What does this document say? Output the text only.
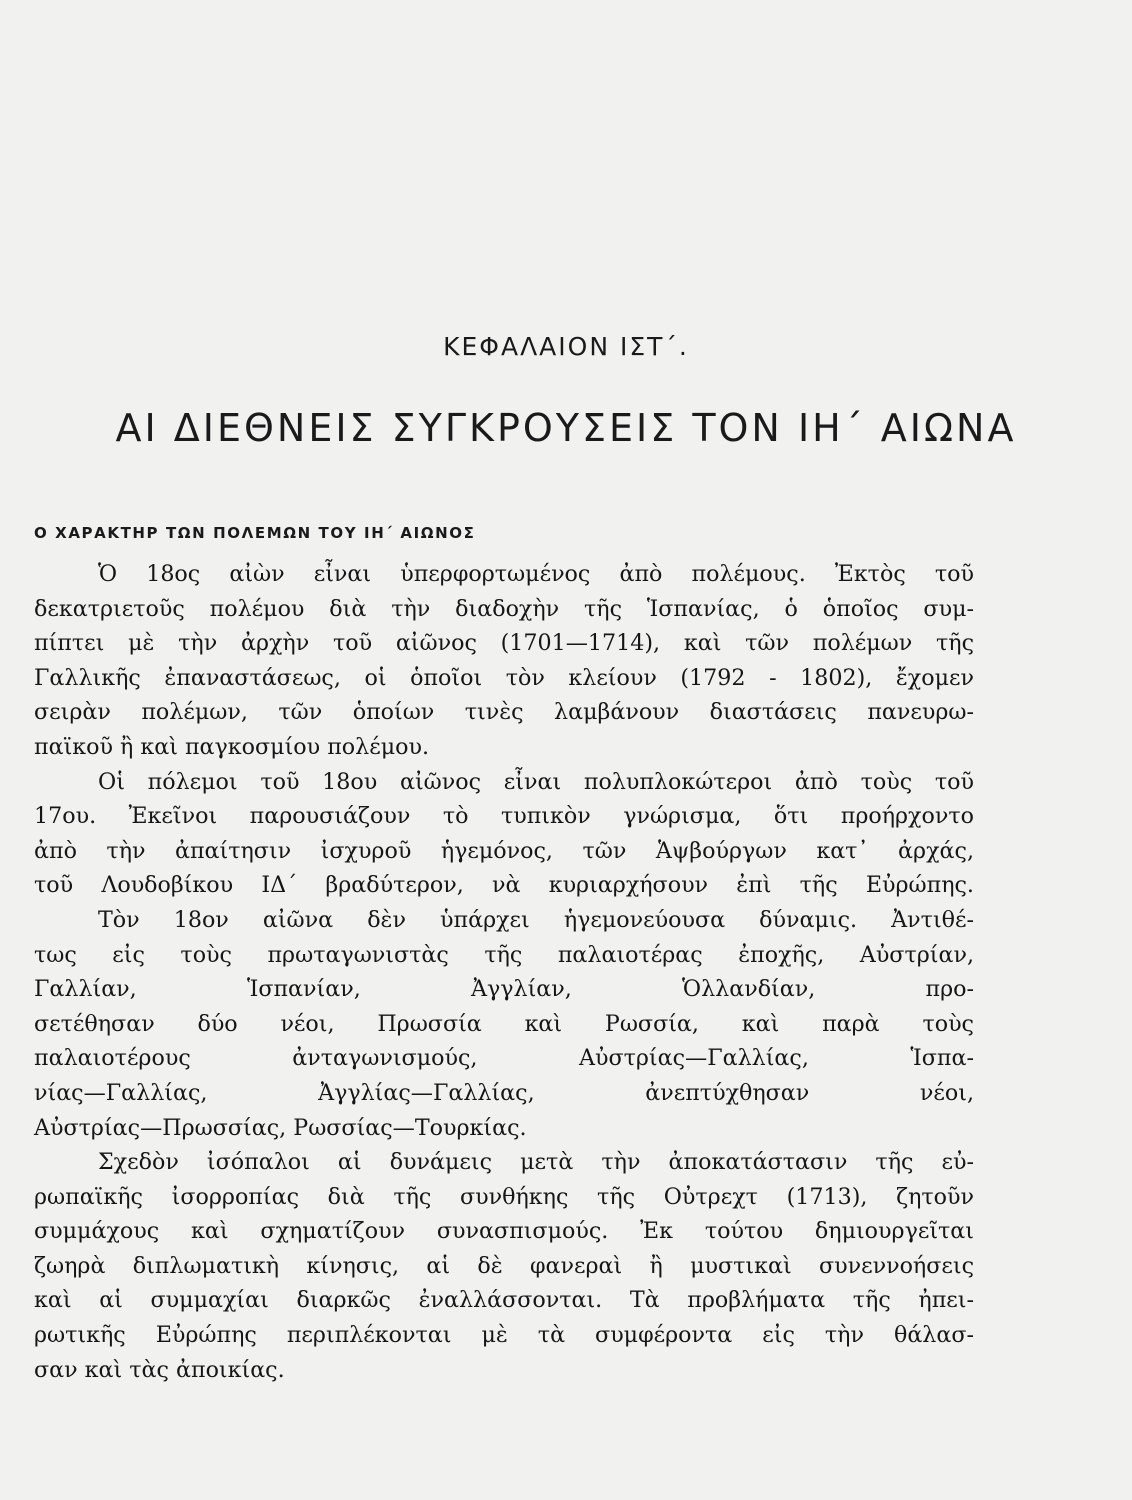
ΚΕΦΑΛΑΙΟΝ ΙΣΤ΄.
ΑΙ ΔΙΕΘΝΕΙΣ ΣΥΓΚΡΟΥΣΕΙΣ ΤΟΝ ΙΗ΄ ΑΙΩΝΑ
Ο ΧΑΡΑΚΤΗΡ ΤΩΝ ΠΟΛΕΜΩΝ ΤΟΥ ΙΗ΄ ΑΙΩΝΟΣ
Ὁ 18ος αἰὼν εἶναι ὑπερφορτωμένος ἀπὸ πολέμους. Ἐκτὸς τοῦ
δεκατριετοῦς πολέμου διὰ τὴν διαδοχὴν τῆς Ἱσπανίας, ὁ ὁποῖος συμ-
πίπτει μὲ τὴν ἀρχὴν τοῦ αἰῶνος (1701—1714), καὶ τῶν πολέμων τῆς
Γαλλικῆς ἐπαναστάσεως, οἱ ὁποῖοι τὸν κλείουν (1792 - 1802), ἔχομεν
σειρὰν πολέμων, τῶν ὁποίων τινὲς λαμβάνουν διαστάσεις πανευρω-
παϊκοῦ ἢ καὶ παγκοσμίου πολέμου.
Οἱ πόλεμοι τοῦ 18ου αἰῶνος εἶναι πολυπλοκώτεροι ἀπὸ τοὺς τοῦ
17ου. Ἐκεῖνοι παρουσιάζουν τὸ τυπικὸν γνώρισμα, ὅτι προήρχοντο
ἀπὸ τὴν ἀπαίτησιν ἰσχυροῦ ἡγεμόνος, τῶν Ἁψβούργων κατ᾽ ἀρχάς,
τοῦ Λουδοβίκου ΙΔ΄ βραδύτερον, νὰ κυριαρχήσουν ἐπὶ τῆς Εὐρώπης.
Τὸν 18ον αἰῶνα δὲν ὑπάρχει ἡγεμονεύουσα δύναμις. Ἀντιθέ-
τως εἰς τοὺς πρωταγωνιστὰς τῆς παλαιοτέρας ἐποχῆς, Αὐστρίαν,
Γαλλίαν, Ἱσπανίαν, Ἀγγλίαν, Ὁλλανδίαν, προ-
σετέθησαν δύο νέοι, Πρωσσία καὶ Ρωσσία, καὶ παρὰ τοὺς
παλαιοτέρους ἀνταγωνισμούς, Αὐστρίας—Γαλλίας, Ἱσπα-
νίας—Γαλλίας, Ἀγγλίας—Γαλλίας, ἀνεπτύχθησαν νέοι,
Αὐστρίας—Πρωσσίας, Ρωσσίας—Τουρκίας.
Σχεδὸν ἰσόπαλοι αἱ δυνάμεις μετὰ τὴν ἀποκατάστασιν τῆς εὐ-
ρωπαϊκῆς ἰσορροπίας διὰ τῆς συνθήκης τῆς Οὐτρεχτ (1713), ζητοῦν
συμμάχους καὶ σχηματίζουν συνασπισμούς. Ἐκ τούτου δημιουργεῖται
ζωηρὰ διπλωματικὴ κίνησις, αἱ δὲ φανεραὶ ἢ μυστικαὶ συνεννοήσεις
καὶ αἱ συμμαχίαι διαρκῶς ἐναλλάσσονται. Τὰ προβλήματα τῆς ἠπει-
ρωτικῆς Εὐρώπης περιπλέκονται μὲ τὰ συμφέροντα εἰς τὴν θάλασ-
σαν καὶ τὰς ἀποικίας.
